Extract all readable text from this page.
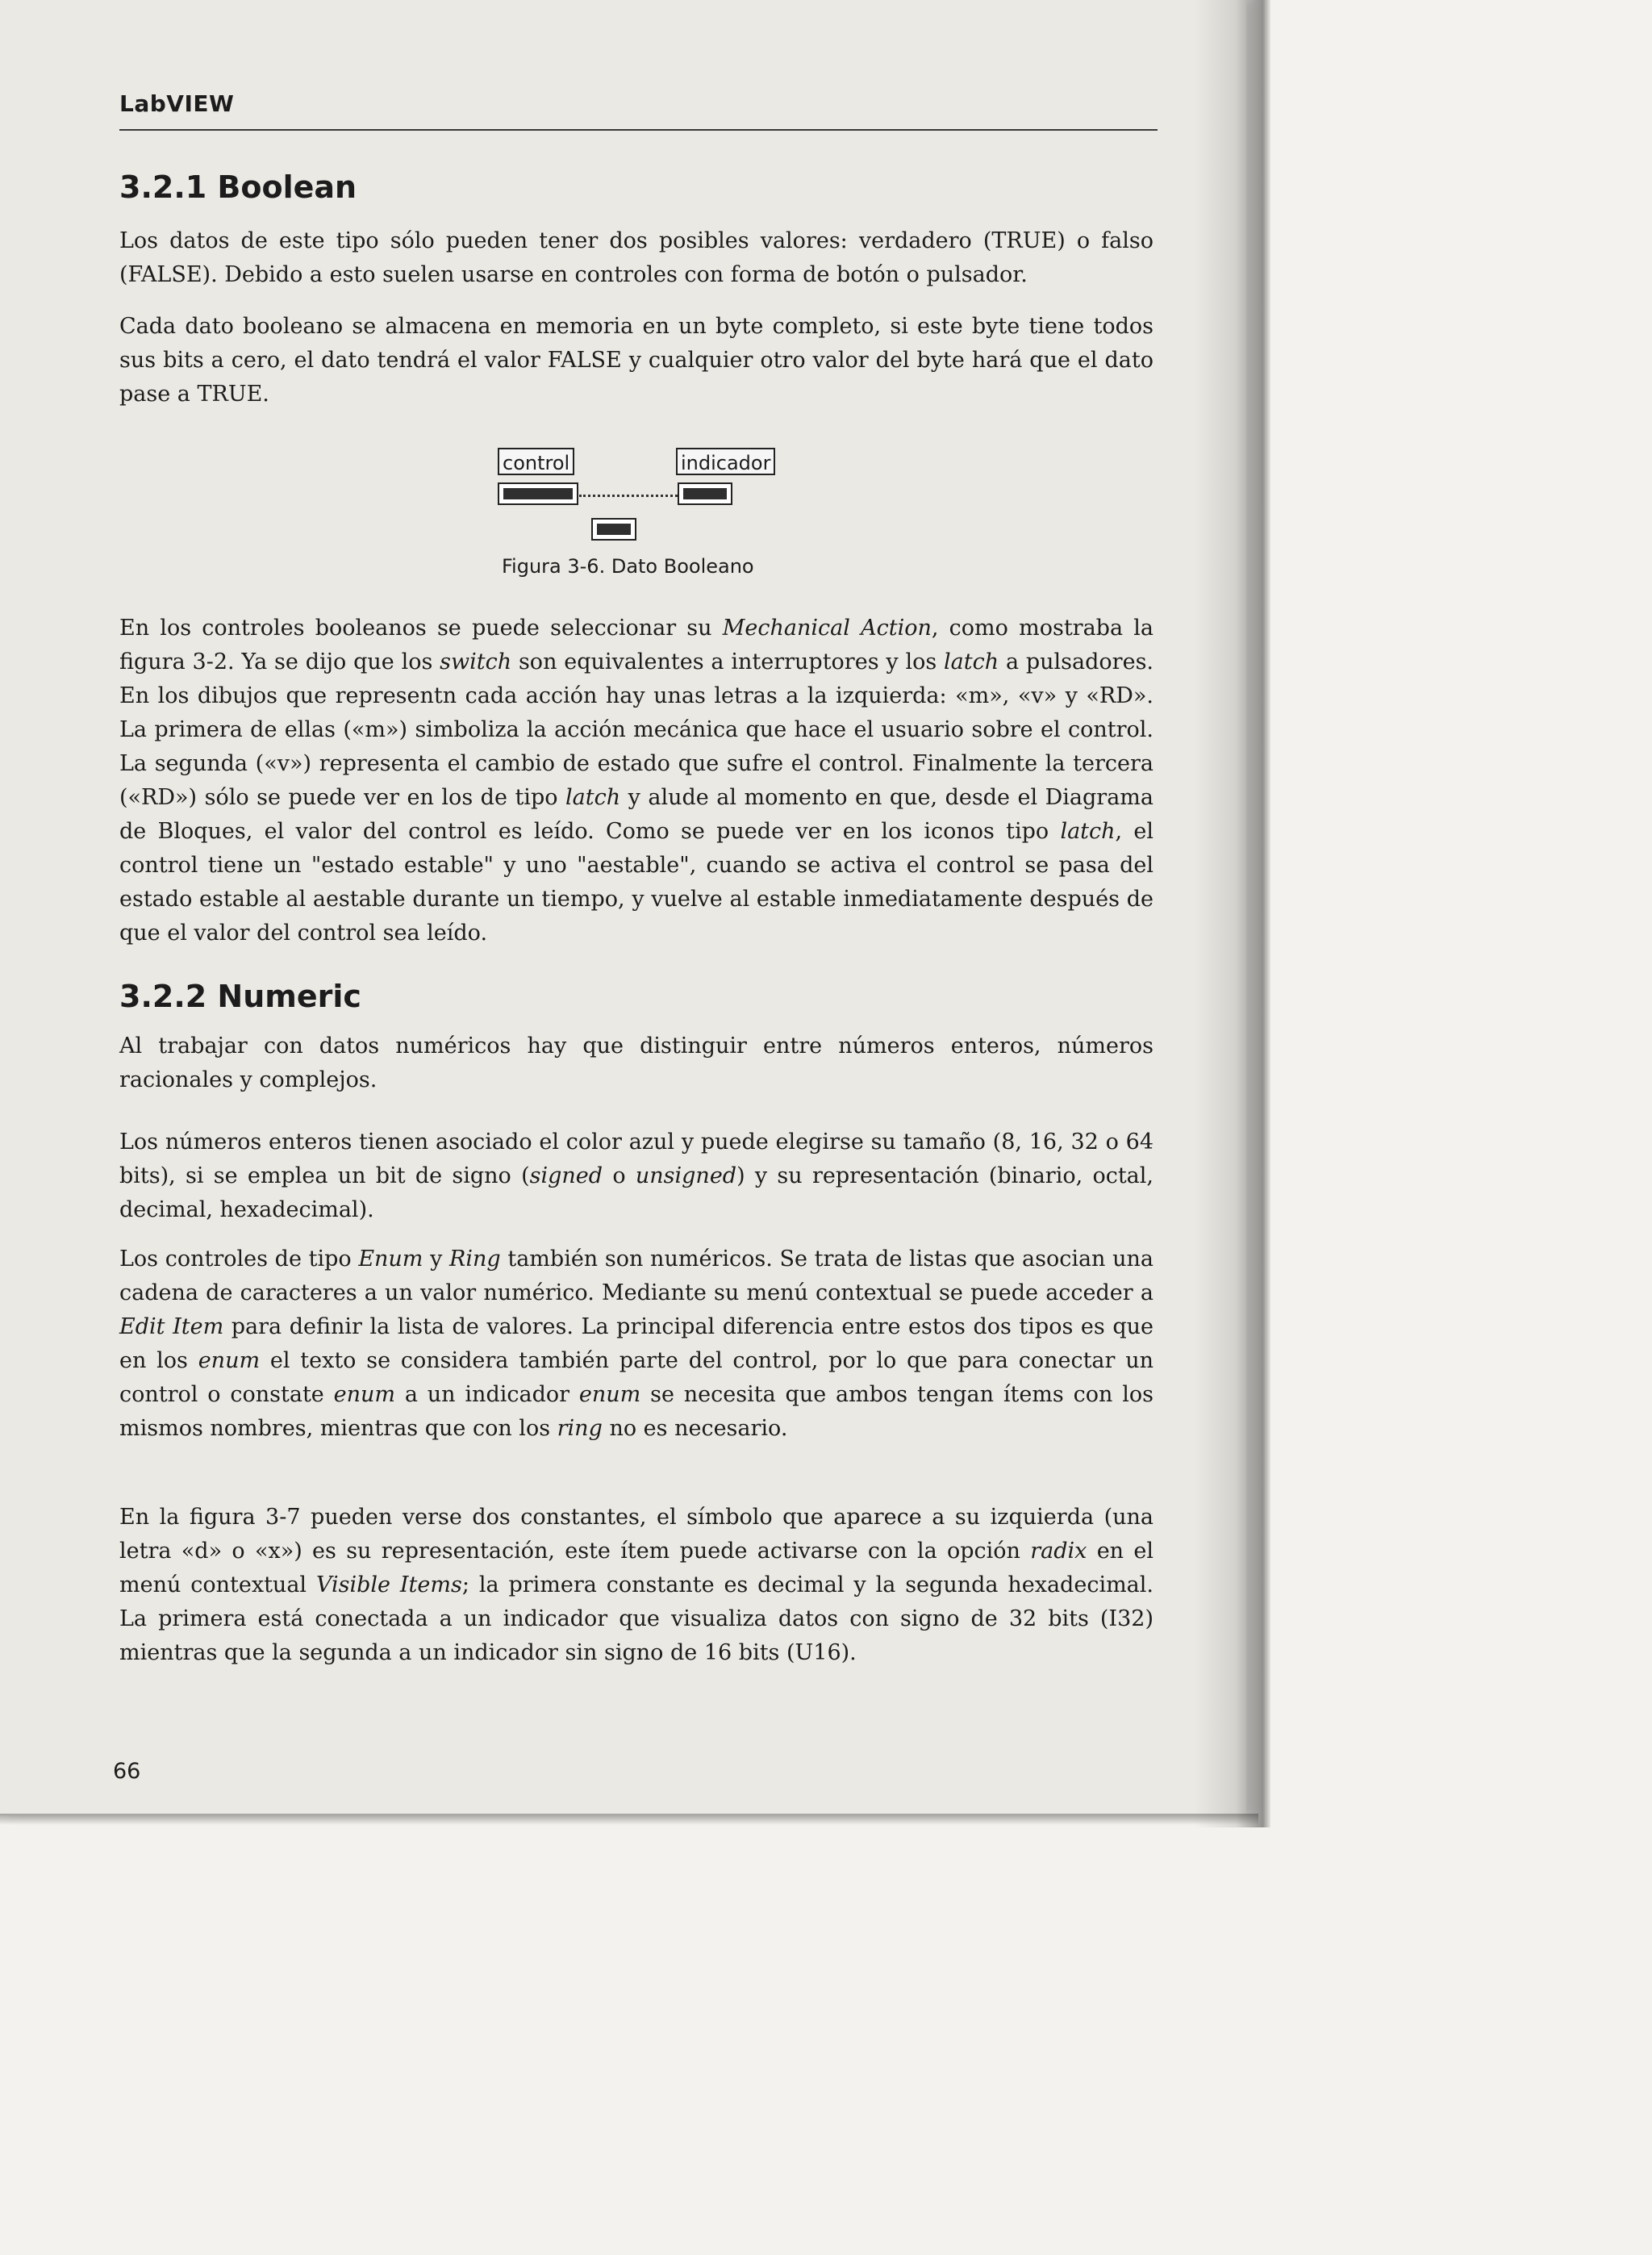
LabVIEW
3.2.1 Boolean

Los datos de este tipo sólo pueden tener dos posibles valores: verdadero (TRUE) o falso (FALSE). Debido a esto suelen usarse en controles con forma de botón o pulsador.

Cada dato booleano se almacena en memoria en un byte completo, si este byte tiene todos sus bits a cero, el dato tendrá el valor FALSE y cualquier otro valor del byte hará que el dato pase a TRUE.

control	indicador
Figura 3-6. Dato Booleano

En los controles booleanos se puede seleccionar su Mechanical Action, como mostraba la figura 3-2. Ya se dijo que los switch son equivalentes a interruptores y los latch a pulsadores. En los dibujos que representn cada acción hay unas letras a la izquierda: «m», «v» y «RD». La primera de ellas («m») simboliza la acción mecánica que hace el usuario sobre el control. La segunda («v») representa el cambio de estado que sufre el control. Finalmente la tercera («RD») sólo se puede ver en los de tipo latch y alude al momento en que, desde el Diagrama de Bloques, el valor del control es leído. Como se puede ver en los iconos tipo latch, el control tiene un "estado estable" y uno "aestable", cuando se activa el control se pasa del estado estable al aestable durante un tiempo, y vuelve al estable inmediatamente después de que el valor del control sea leído.

3.2.2 Numeric

Al trabajar con datos numéricos hay que distinguir entre números enteros, números racionales y complejos.

Los números enteros tienen asociado el color azul y puede elegirse su tamaño (8, 16, 32 o 64 bits), si se emplea un bit de signo (signed o unsigned) y su representación (binario, octal, decimal, hexadecimal).

Los controles de tipo Enum y Ring también son numéricos. Se trata de listas que asocian una cadena de caracteres a un valor numérico. Mediante su menú contextual se puede acceder a Edit Item para definir la lista de valores. La principal diferencia entre estos dos tipos es que en los enum el texto se considera también parte del control, por lo que para conectar un control o constate enum a un indicador enum se necesita que ambos tengan ítems con los mismos nombres, mientras que con los ring no es necesario.

En la figura 3-7 pueden verse dos constantes, el símbolo que aparece a su izquierda (una letra «d» o «x») es su representación, este ítem puede activarse con la opción radix en el menú contextual Visible Items; la primera constante es decimal y la segunda hexadecimal. La primera está conectada a un indicador que visualiza datos con signo de 32 bits (I32) mientras que la segunda a un indicador sin signo de 16 bits (U16).

66
